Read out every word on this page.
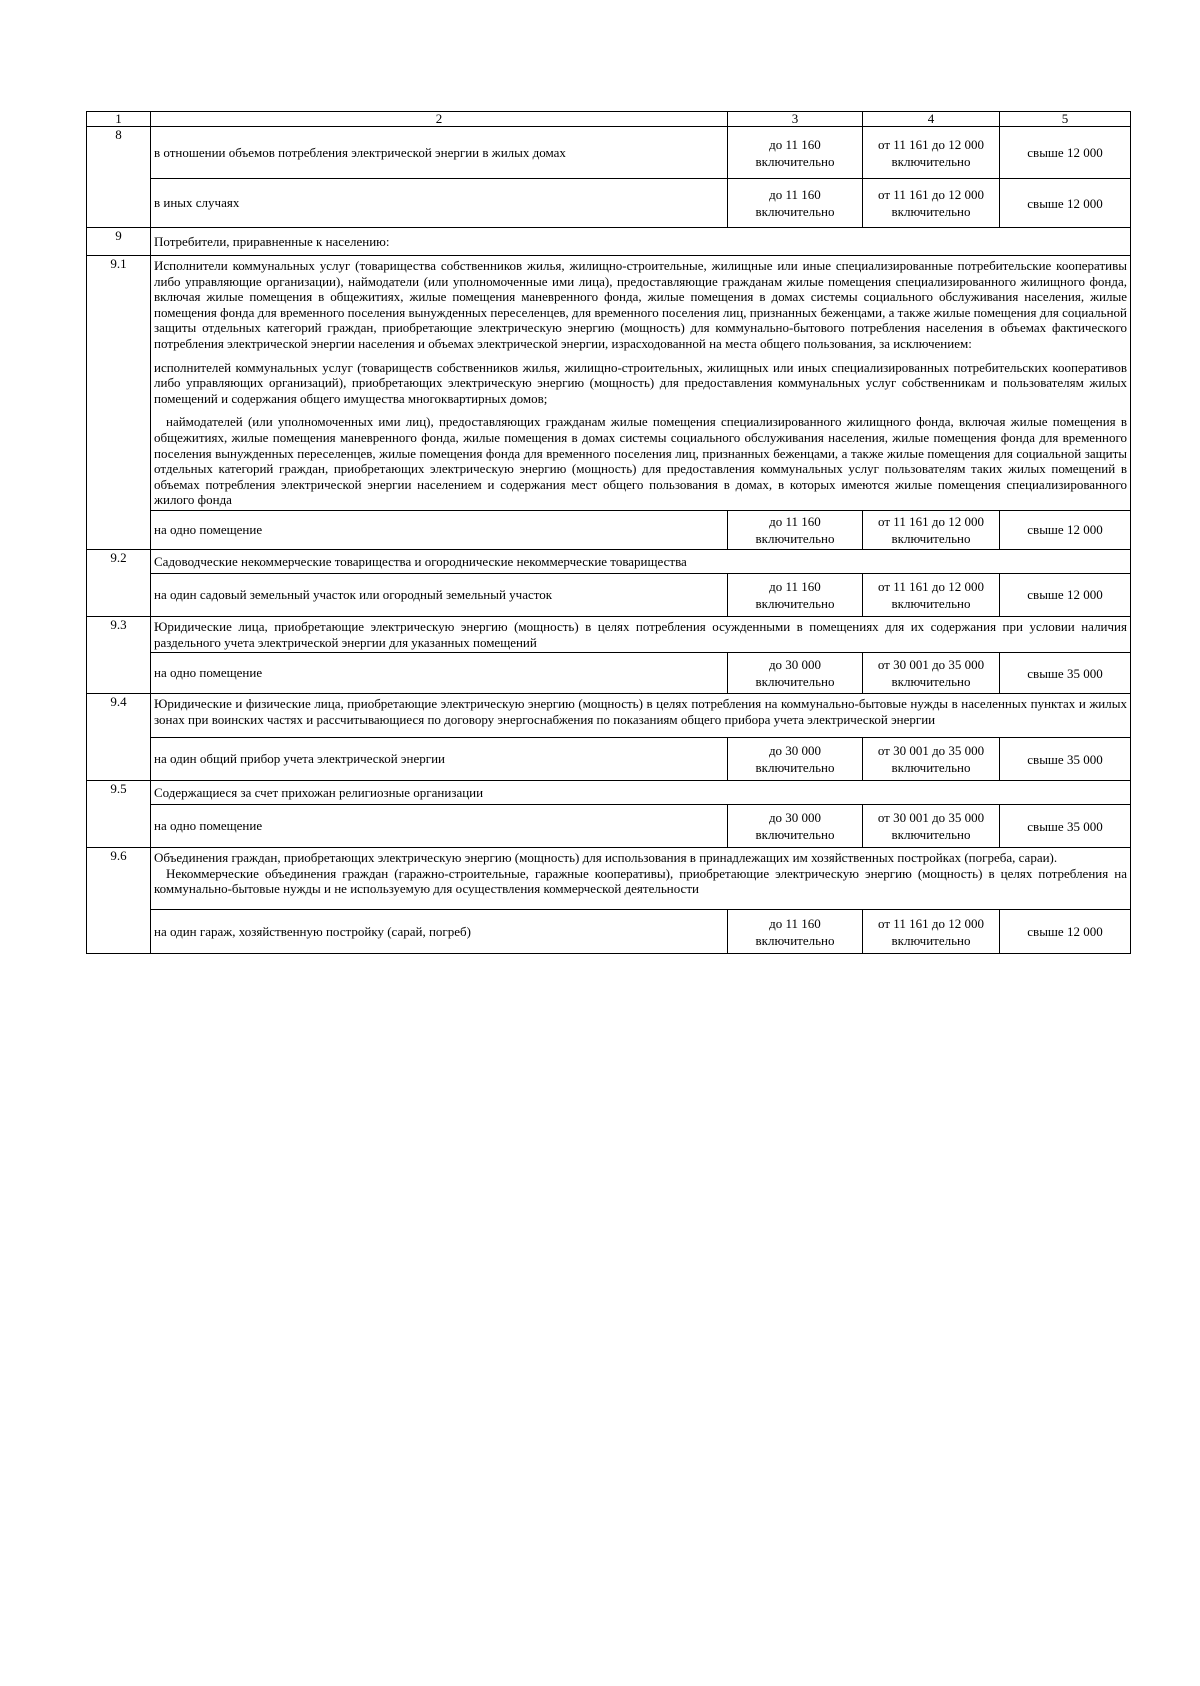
1	2	3	4	5
8	в отношении объемов потребления электрической энергии в жилых домах	до 11 160 включительно	от 11 161 до 12 000 включительно	свыше 12 000
	в иных случаях	до 11 160 включительно	от 11 161 до 12 000 включительно	свыше 12 000
9	Потребители, приравненные к населению:			
9.1	Исполнители коммунальных услуг (товарищества собственников жилья, жилищно-строительные, жилищные или иные специализированные потребительские кооперативы либо управляющие организации), наймодатели (или уполномоченные ими лица), предоставляющие гражданам жилые помещения специализированного жилищного фонда, включая жилые помещения в общежитиях, жилые помещения маневренного фонда, жилые помещения в домах системы социального обслуживания населения, жилые помещения фонда для временного поселения вынужденных переселенцев, для временного поселения лиц, признанных беженцами, а также жилые помещения для социальной защиты отдельных категорий граждан, приобретающие электрическую энергию (мощность) для коммунально-бытового потребления населения в объемах фактического потребления электрической энергии населения и объемах электрической энергии, израсходованной на места общего пользования, за исключением:

исполнителей коммунальных услуг (товариществ собственников жилья, жилищно-строительных, жилищных или иных специализированных потребительских кооперативов либо управляющих организаций), приобретающих электрическую энергию (мощность) для предоставления коммунальных услуг собственникам и пользователям жилых помещений и содержания общего имущества многоквартирных домов;

наймодателей (или уполномоченных ими лиц), предоставляющих гражданам жилые помещения специализированного жилищного фонда, включая жилые помещения в общежитиях, жилые помещения маневренного фонда, жилые помещения в домах системы социального обслуживания населения, жилые помещения фонда для временного поселения вынужденных переселенцев, жилые помещения фонда для временного поселения лиц, признанных беженцами, а также жилые помещения для социальной защиты отдельных категорий граждан, приобретающих электрическую энергию (мощность) для предоставления коммунальных услуг пользователям таких жилых помещений в объемах потребления электрической энергии населением и содержания мест общего пользования в домах, в которых имеются жилые помещения специализированного жилого фонда			

	на одно помещение	до 11 160 включительно	от 11 161 до 12 000 включительно	свыше 12 000
9.2	Садоводческие некоммерческие товарищества и огороднические некоммерческие товарищества			
	на один садовый земельный участок или огородный земельный участок	до 11 160 включительно	от 11 161 до 12 000 включительно	свыше 12 000
9.3	Юридические лица, приобретающие электрическую энергию (мощность) в целях потребления осужденными в помещениях для их содержания при условии наличия раздельного учета электрической энергии для указанных помещений			
	на одно помещение	до 30 000 включительно	от 30 001 до 35 000 включительно	свыше 35 000
9.4	Юридические и физические лица, приобретающие электрическую энергию (мощность) в целях потребления на коммунально-бытовые нужды в населенных пунктах и жилых зонах при воинских частях и рассчитывающиеся по договору энергоснабжения по показаниям общего прибора учета электрической энергии			
	на один общий прибор учета электрической энергии	до 30 000 включительно	от 30 001 до 35 000 включительно	свыше 35 000
9.5	Содержащиеся за счет прихожан религиозные организации			
	на одно помещение	до 30 000 включительно	от 30 001 до 35 000 включительно	свыше 35 000
9.6	Объединения граждан, приобретающих электрическую энергию (мощность) для использования в принадлежащих им хозяйственных постройках (погреба, сараи).
Некоммерческие объединения граждан (гаражно-строительные, гаражные кооперативы), приобретающие электрическую энергию (мощность) в целях потребления на коммунально-бытовые нужды и не используемую для осуществления коммерческой деятельности			

	на один гараж, хозяйственную постройку (сарай, погреб)	до 11 160 включительно	от 11 161 до 12 000 включительно	свыше 12 000
